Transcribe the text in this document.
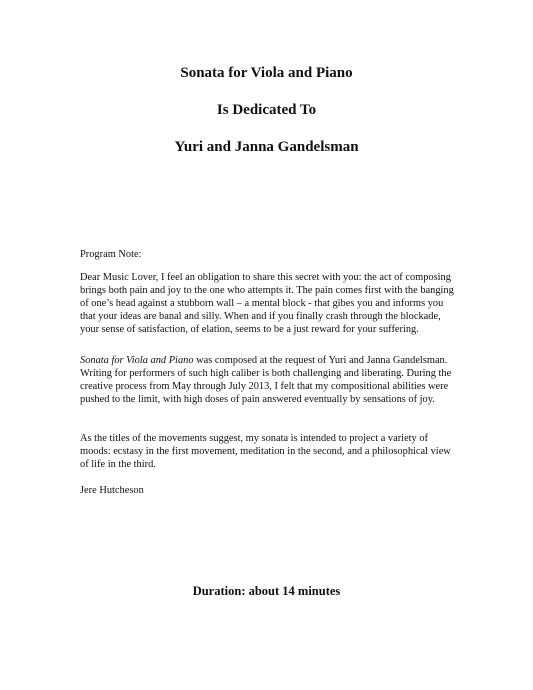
Sonata for Viola and Piano
Is Dedicated To
Yuri and Janna Gandelsman

Program Note:

Dear Music Lover, I feel an obligation to share this secret with you: the act of composing brings both pain and joy to the one who attempts it. The pain comes first with the banging of one’s head against a stubborn wall – a mental block - that gibes you and informs you that your ideas are banal and silly. When and if you finally crash through the blockade, your sense of satisfaction, of elation, seems to be a just reward for your suffering.

Sonata for Viola and Piano was composed at the request of Yuri and Janna Gandelsman. Writing for performers of such high caliber is both challenging and liberating. During the creative process from May through July 2013, I felt that my compositional abilities were pushed to the limit, with high doses of pain answered eventually by sensations of joy.

As the titles of the movements suggest, my sonata is intended to project a variety of moods: ecstasy in the first movement, meditation in the second, and a philosophical view of life in the third.

Jere Hutcheson

Duration: about 14 minutes
